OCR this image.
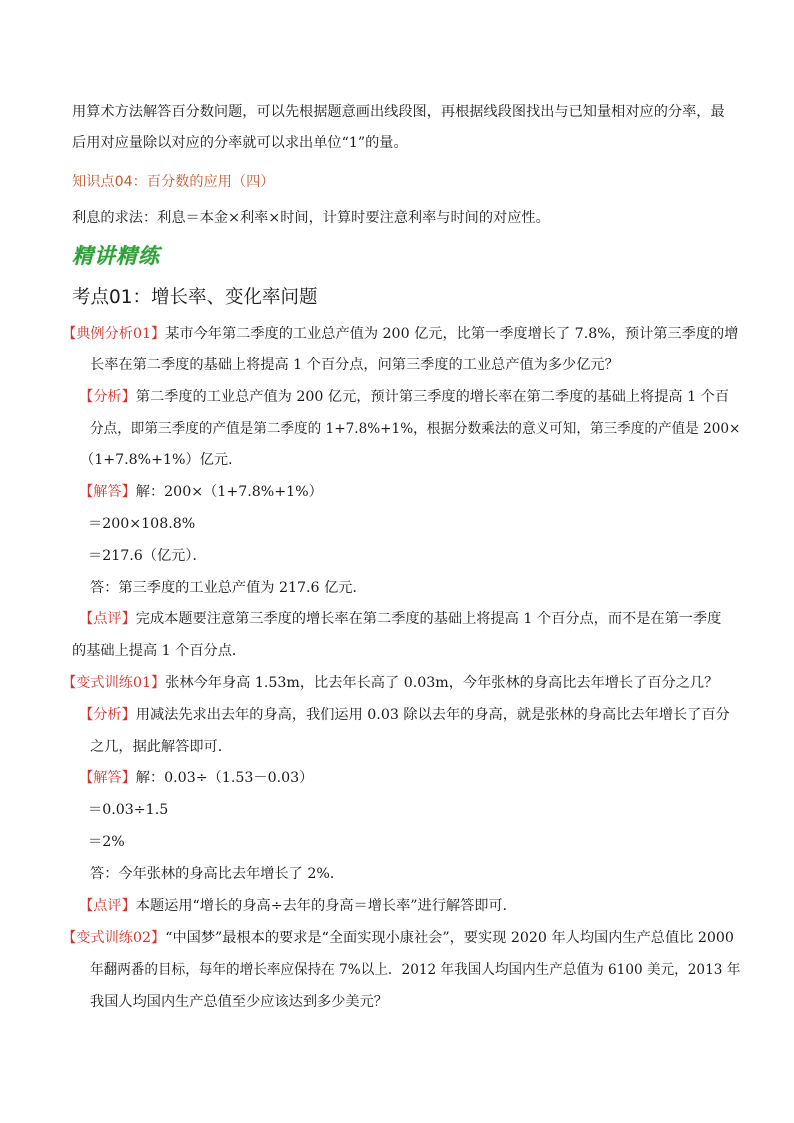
用算术方法解答百分数问题，可以先根据题意画出线段图，再根据线段图找出与已知量相对应的分率，最
后用对应量除以对应的分率就可以求出单位“1”的量。
知识点04：百分数的应用（四）
利息的求法：利息＝本金×利率×时间，计算时要注意利率与时间的对应性。
精讲精练
考点01：增长率、变化率问题
【典例分析01】某市今年第二季度的工业总产值为 200 亿元，比第一季度增长了 7.8%，预计第三季度的增
长率在第二季度的基础上将提高 1 个百分点，问第三季度的工业总产值为多少亿元？
【分析】第二季度的工业总产值为 200 亿元，预计第三季度的增长率在第二季度的基础上将提高 1 个百
分点，即第三季度的产值是第二季度的 1+7.8%+1%，根据分数乘法的意义可知，第三季度的产值是 200×
（1+7.8%+1%）亿元．
【解答】解：200×（1+7.8%+1%）
＝200×108.8%
＝217.6（亿元）．
答：第三季度的工业总产值为 217.6 亿元．
【点评】完成本题要注意第三季度的增长率在第二季度的基础上将提高 1 个百分点，而不是在第一季度
的基础上提高 1 个百分点．
【变式训练01】张林今年身高 1.53m，比去年长高了 0.03m，今年张林的身高比去年增长了百分之几？
【分析】用减法先求出去年的身高，我们运用 0.03 除以去年的身高，就是张林的身高比去年增长了百分
之几，据此解答即可．
【解答】解：0.03÷（1.53－0.03）
＝0.03÷1.5
＝2%
答：今年张林的身高比去年增长了 2%．
【点评】本题运用“增长的身高÷去年的身高＝增长率”进行解答即可．
【变式训练02】“中国梦”最根本的要求是“全面实现小康社会”，要实现 2020 年人均国内生产总值比 2000
年翻两番的目标，每年的增长率应保持在 7%以上．2012 年我国人均国内生产总值为 6100 美元，2013 年
我国人均国内生产总值至少应该达到多少美元？
